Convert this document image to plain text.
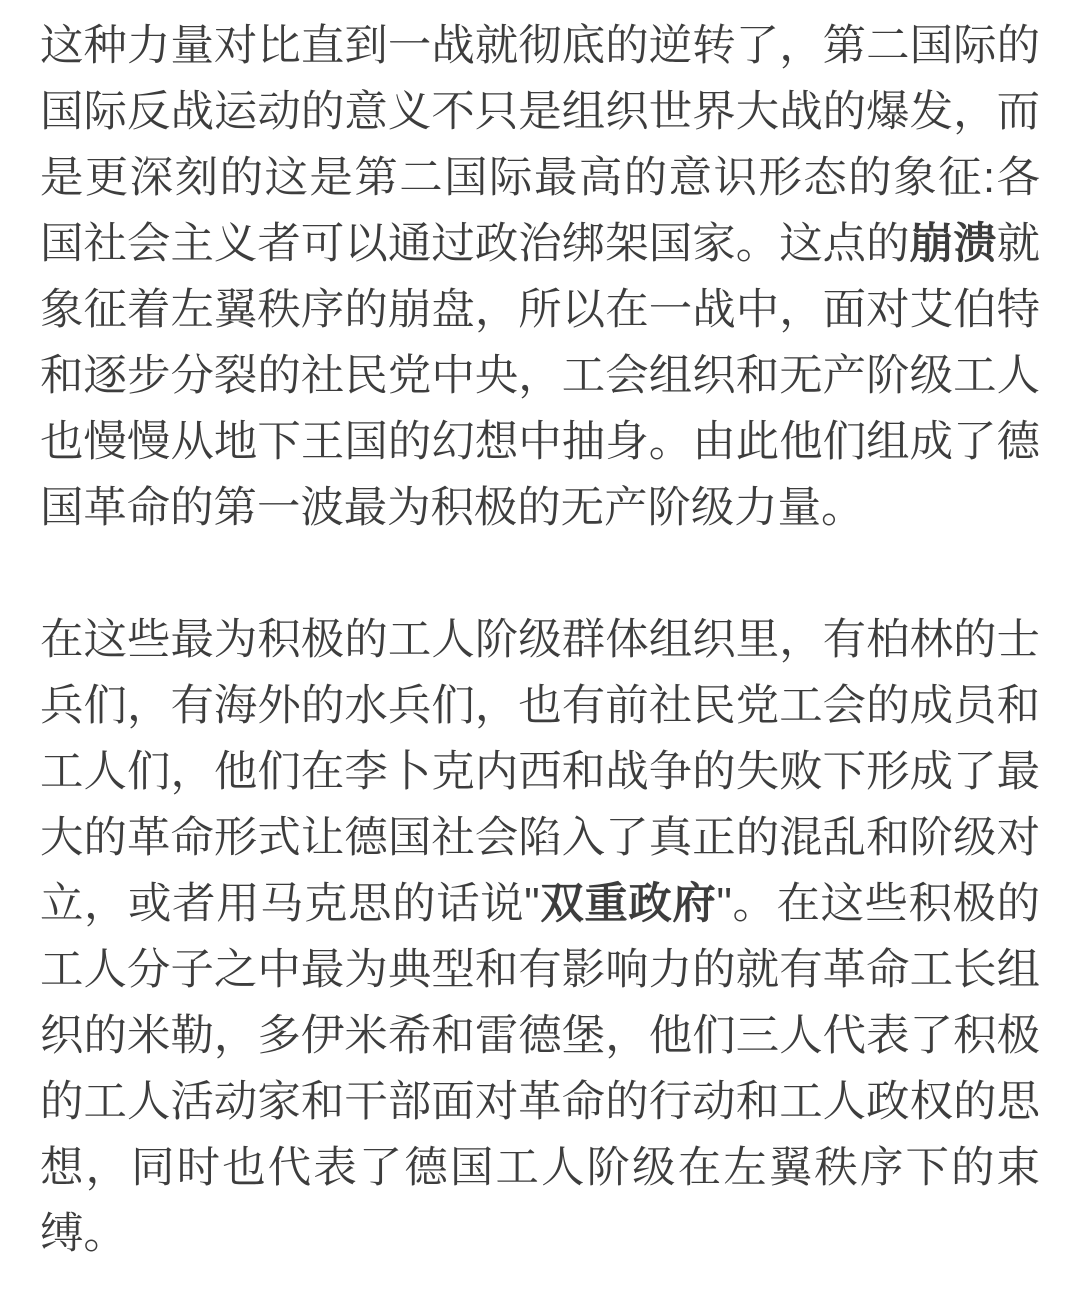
这种力量对比直到一战就彻底的逆转了，第二国际的国际反战运动的意义不只是组织世界大战的爆发，而是更深刻的这是第二国际最高的意识形态的象征:各国社会主义者可以通过政治绑架国家。这点的崩溃就象征着左翼秩序的崩盘，所以在一战中，面对艾伯特和逐步分裂的社民党中央，工会组织和无产阶级工人也慢慢从地下王国的幻想中抽身。由此他们组成了德国革命的第一波最为积极的无产阶级力量。

在这些最为积极的工人阶级群体组织里，有柏林的士兵们，有海外的水兵们，也有前社民党工会的成员和工人们，他们在李卜克内西和战争的失败下形成了最大的革命形式让德国社会陷入了真正的混乱和阶级对立，或者用马克思的话说"双重政府"。在这些积极的工人分子之中最为典型和有影响力的就有革命工长组织的米勒，多伊米希和雷德堡，他们三人代表了积极的工人活动家和干部面对革命的行动和工人政权的思想，同时也代表了德国工人阶级在左翼秩序下的束缚。
